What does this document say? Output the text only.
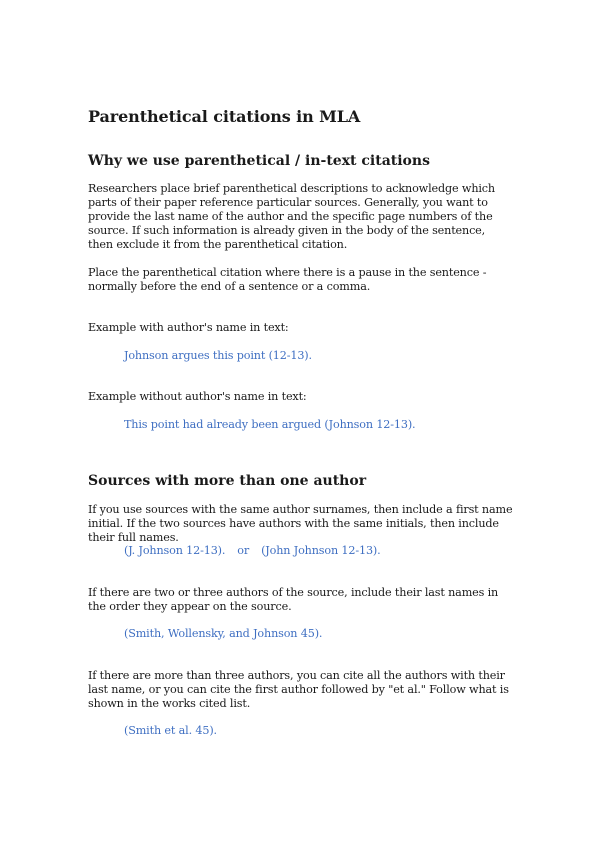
Parenthetical citations in MLA
Why we use parenthetical / in-text citations

Researchers place brief parenthetical descriptions to acknowledge which parts of their paper reference particular sources. Generally, you want to provide the last name of the author and the specific page numbers of the source. If such information is already given in the body of the sentence, then exclude it from the parenthetical citation.

Place the parenthetical citation where there is a pause in the sentence - normally before the end of a sentence or a comma.

Example with author's name in text:

Johnson argues this point (12-13).

Example without author's name in text:

This point had already been argued (Johnson 12-13).

Sources with more than one author

If you use sources with the same author surnames, then include a first name initial. If the two sources have authors with the same initials, then include their full names.

(J. Johnson 12-13). or (John Johnson 12-13).

If there are two or three authors of the source, include their last names in the order they appear on the source.

(Smith, Wollensky, and Johnson 45).

If there are more than three authors, you can cite all the authors with their last name, or you can cite the first author followed by "et al." Follow what is shown in the works cited list.

(Smith et al. 45).
